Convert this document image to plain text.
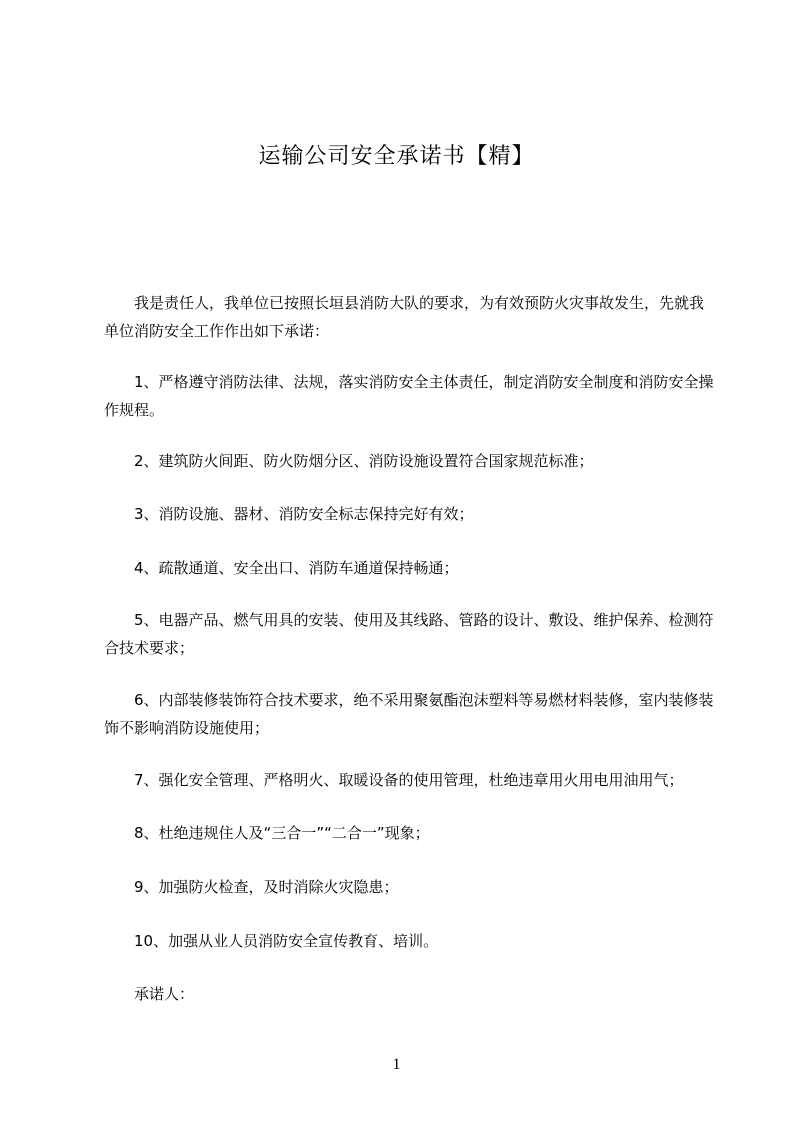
运输公司安全承诺书【精】

　　我是责任人，我单位已按照长垣县消防大队的要求，为有效预防火灾事故发生，先就我单位消防安全工作作出如下承诺：

　　1、严格遵守消防法律、法规，落实消防安全主体责任，制定消防安全制度和消防安全操作规程。

　　2、建筑防火间距、防火防烟分区、消防设施设置符合国家规范标准；

　　3、消防设施、器材、消防安全标志保持完好有效；

　　4、疏散通道、安全出口、消防车通道保持畅通；

　　5、电器产品、燃气用具的安装、使用及其线路、管路的设计、敷设、维护保养、检测符合技术要求；

　　6、内部装修装饰符合技术要求，绝不采用聚氨酯泡沫塑料等易燃材料装修，室内装修装饰不影响消防设施使用；

　　7、强化安全管理、严格明火、取暖设备的使用管理，杜绝违章用火用电用油用气；

　　8、杜绝违规住人及“三合一”“二合一”现象；

　　9、加强防火检查，及时消除火灾隐患；

　　10、加强从业人员消防安全宣传教育、培训。

　　承诺人：

1
